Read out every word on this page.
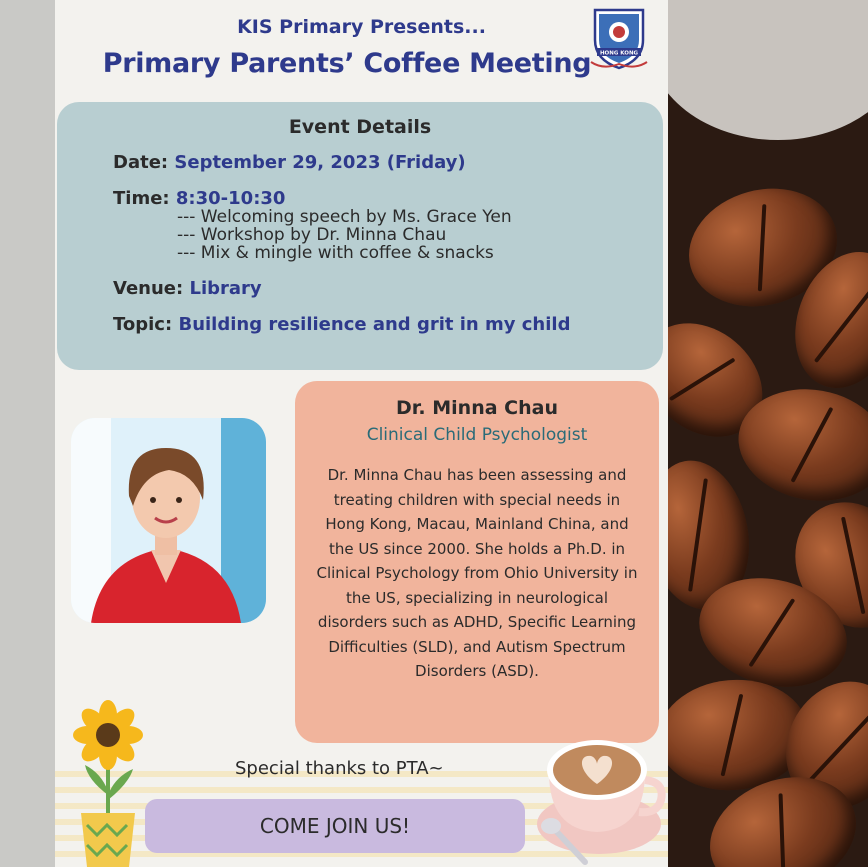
KIS Primary Presents...
Primary Parents’ Coffee Meeting	HONG KONG
Event Details
Date: September 29, 2023 (Friday)
Time: 8:30-10:30
--- Welcoming speech by Ms. Grace Yen
--- Workshop by Dr. Minna Chau
--- Mix & mingle with coffee & snacks
Venue: Library
Topic: Building resilience and grit in my child
Dr. Minna Chau
Clinical Child Psychologist
Dr. Minna Chau has been assessing and treating children with special needs in Hong Kong, Macau, Mainland China, and the US since 2000. She holds a Ph.D. in Clinical Psychology from Ohio University in the US, specializing in neurological disorders such as ADHD, Specific Learning Difficulties (SLD), and Autism Spectrum Disorders (ASD).
Special thanks to PTA~
COME JOIN US!
